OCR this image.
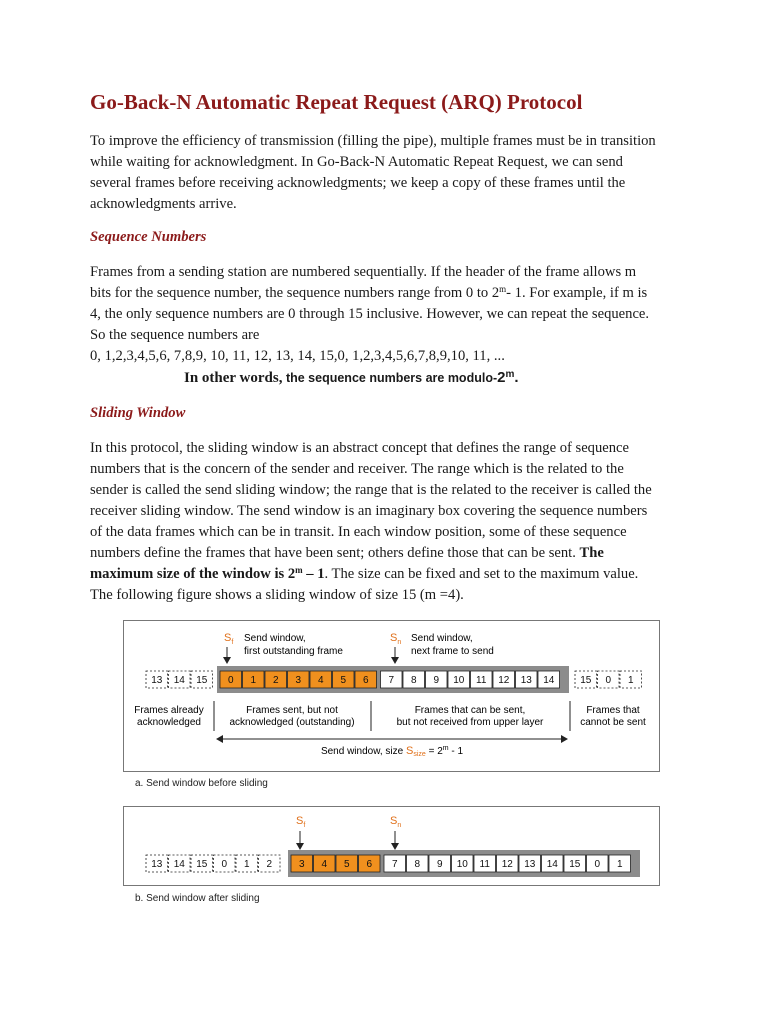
Go-Back-N Automatic Repeat Request (ARQ) Protocol

To improve the efficiency of transmission (filling the pipe), multiple frames must be in transition
while waiting for acknowledgment. In Go-Back-N Automatic Repeat Request, we can send
several frames before receiving acknowledgments; we keep a copy of these frames until the
acknowledgments arrive.

Sequence Numbers

Frames from a sending station are numbered sequentially. If the header of the frame allows m
bits for the sequence number, the sequence numbers range from 0 to 2$^m$- 1. For example, if m is
4, the only sequence numbers are 0 through 15 inclusive. However, we can repeat the sequence.
So the sequence numbers are
0, 1,2,3,4,5,6, 7,8,9, 10, 11, 12, 13, 14, 15,0, 1,2,3,4,5,6,7,8,9,10, 11, ...

In other words, the sequence numbers are modulo-2$^m$.

Sliding Window

In this protocol, the sliding window is an abstract concept that defines the range of sequence
numbers that is the concern of the sender and receiver. The range which is the related to the
sender is called the send sliding window; the range that is the related to the receiver is called the
receiver sliding window. The send window is an imaginary box covering the sequence numbers
of the data frames which can be in transit. In each window position, some of these sequence
numbers define the frames that have been sent; others define those that can be sent. The
maximum size of the window is 2$^m$ – 1. The size can be fixed and set to the maximum value.
The following figure shows a sliding window of size 15 (m =4).

$S_f$ Send window,
first outstanding frame
$S_n$ Send window,
next frame to send
13 14 15 0 1 2 3 4 5 6 7 8 9 10 11 12 13 14	15 0 1
Frames already
acknowledged
Frames sent, but not
acknowledged (outstanding)
Frames that can be sent,
but not received from upper layer
Frames that
cannot be sent
Send window, size $S_{size} = 2^m - 1$
a. Send window before sliding
$S_f$	$S_n$
13 14 15 0 1 2	3 4 5 6 7 8 9 10 11 12 13 14 15 0 1
b. Send window after sliding
